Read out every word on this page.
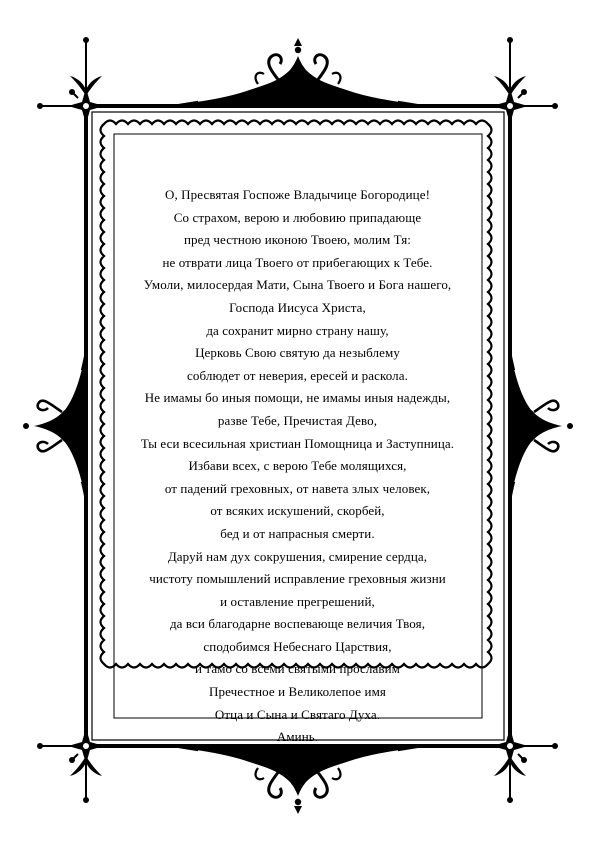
О, Пресвятая Госпоже Владычице Богородице!
Со страхом, верою и любовию припадающе
пред честною иконою Твоею, молим Тя:
не отврати лица Твоего от прибегающих к Тебе.
Умоли, милосердая Мати, Сына Твоего и Бога нашего,
Господа Иисуса Христа,
да сохранит мирно страну нашу,
Церковь Свою святую да незыблему
соблюдет от неверия, ересей и раскола.
Не имамы бо иныя помощи, не имамы иныя надежды,
разве Тебе, Пречистая Дево,
Ты еси всесильная христиан Помощница и Заступница.
Избави всех, с верою Тебе молящихся,
от падений греховных, от навета злых человек,
от всяких искушений, скорбей,
бед и от напрасныя смерти.
Даруй нам дух сокрушения, смирение сердца,
чистоту помышлений исправление греховныя жизни
и оставление прегрешений,
да вси благодарне воспевающе величия Твоя,
сподобимся Небеснаго Царствия,
и тамо со всеми святыми прославим
Пречестное и Великолепое имя
Отца и Сына и Святаго Духа.
Аминь.
